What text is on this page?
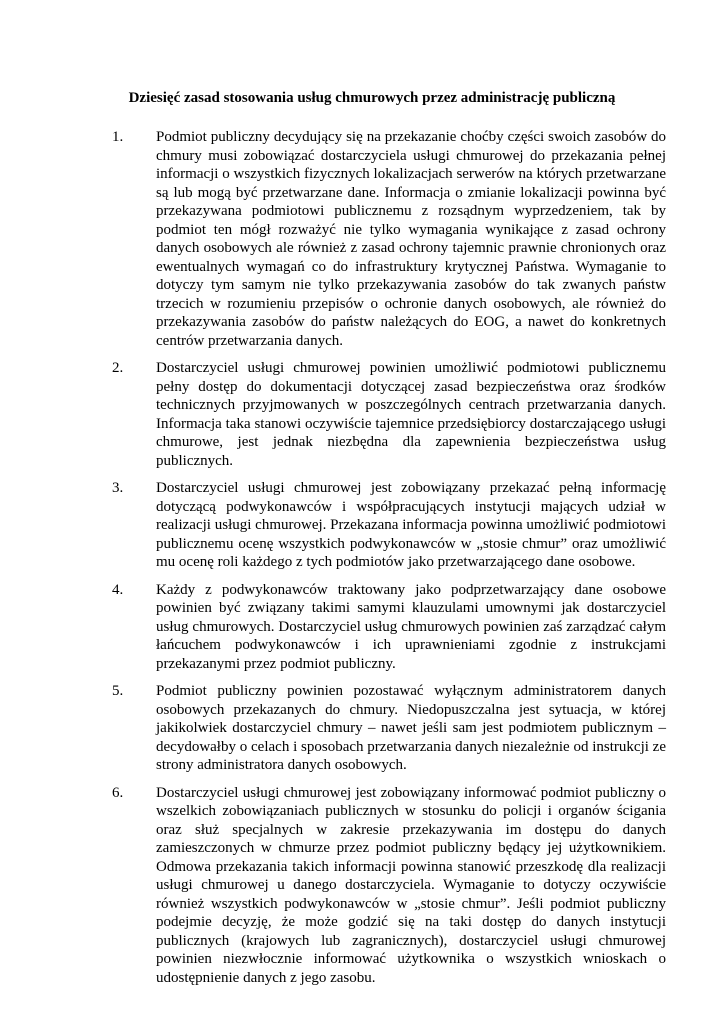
Dziesięć zasad stosowania usług chmurowych przez administrację publiczną
1. Podmiot publiczny decydujący się na przekazanie choćby części swoich zasobów do chmury musi zobowiązać dostarczyciela usługi chmurowej do przekazania pełnej informacji o wszystkich fizycznych lokalizacjach serwerów na których przetwarzane są lub mogą być przetwarzane dane. Informacja o zmianie lokalizacji powinna być przekazywana podmiotowi publicznemu z rozsądnym wyprzedzeniem, tak by podmiot ten mógł rozważyć nie tylko wymagania wynikające z zasad ochrony danych osobowych ale również z zasad ochrony tajemnic prawnie chronionych oraz ewentualnych wymagań co do infrastruktury krytycznej Państwa. Wymaganie to dotyczy tym samym nie tylko przekazywania zasobów do tak zwanych państw trzecich w rozumieniu przepisów o ochronie danych osobowych, ale również do przekazywania zasobów do państw należących do EOG, a nawet do konkretnych centrów przetwarzania danych.
2. Dostarczyciel usługi chmurowej powinien umożliwić podmiotowi publicznemu pełny dostęp do dokumentacji dotyczącej zasad bezpieczeństwa oraz środków technicznych przyjmowanych w poszczególnych centrach przetwarzania danych. Informacja taka stanowi oczywiście tajemnice przedsiębiorcy dostarczającego usługi chmurowe, jest jednak niezbędna dla zapewnienia bezpieczeństwa usług publicznych.
3. Dostarczyciel usługi chmurowej jest zobowiązany przekazać pełną informację dotyczącą podwykonawców i współpracujących instytucji mających udział w realizacji usługi chmurowej. Przekazana informacja powinna umożliwić podmiotowi publicznemu ocenę wszystkich podwykonawców w „stosie chmur” oraz umożliwić mu ocenę roli każdego z tych podmiotów jako przetwarzającego dane osobowe.
4. Każdy z podwykonawców traktowany jako podprzetwarzający dane osobowe powinien być związany takimi samymi klauzulami umownymi jak dostarczyciel usług chmurowych. Dostarczyciel usług chmurowych powinien zaś zarządzać całym łańcuchem podwykonawców i ich uprawnieniami zgodnie z instrukcjami przekazanymi przez podmiot publiczny.
5. Podmiot publiczny powinien pozostawać wyłącznym administratorem danych osobowych przekazanych do chmury. Niedopuszczalna jest sytuacja, w której jakikolwiek dostarczyciel chmury – nawet jeśli sam jest podmiotem publicznym – decydowałby o celach i sposobach przetwarzania danych niezależnie od instrukcji ze strony administratora danych osobowych.
6. Dostarczyciel usługi chmurowej jest zobowiązany informować podmiot publiczny o wszelkich zobowiązaniach publicznych w stosunku do policji i organów ścigania oraz służ specjalnych w zakresie przekazywania im dostępu do danych zamieszczonych w chmurze przez podmiot publiczny będący jej użytkownikiem. Odmowa przekazania takich informacji powinna stanowić przeszkodę dla realizacji usługi chmurowej u danego dostarczyciela. Wymaganie to dotyczy oczywiście również wszystkich podwykonawców w „stosie chmur”. Jeśli podmiot publiczny podejmie decyzję, że może godzić się na taki dostęp do danych instytucji publicznych (krajowych lub zagranicznych), dostarczyciel usługi chmurowej powinien niezwłocznie informować użytkownika o wszystkich wnioskach o udostępnienie danych z jego zasobu.
